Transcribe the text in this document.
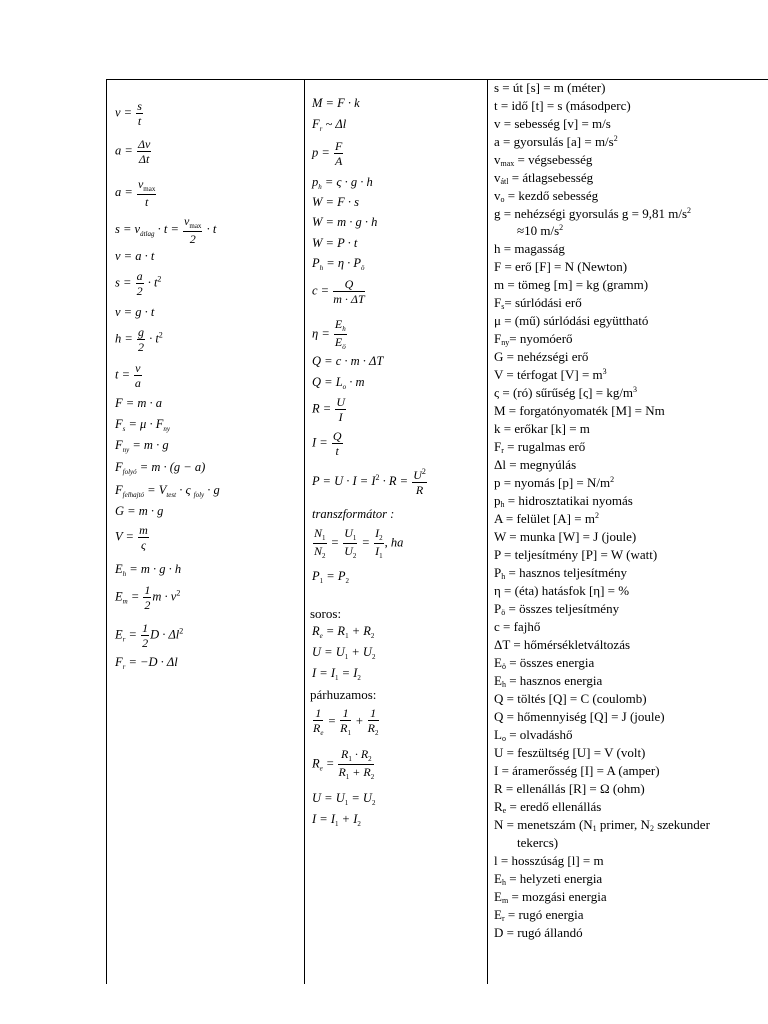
$v = \frac{s}{t}$
$a = \frac{\Delta v}{\Delta t}$
a =
$v_{max}$
t
$s = v_{átlag} \cdot t$ =
$v_{max}$
2
· t
v = a · t
$s = \frac{a}{2} \cdot t^2$
v = g · t
$h = \frac{g}{2} \cdot t^2$
$t = \frac{v}{a}$
F = m · a
$F_s = \mu \cdot F_{ny}$
$F_{ny} = m \cdot g$
$F_{folyó} = m \cdot (g - a)$
$F_{felhajtó} = V_{test} \cdot \varsigma$ $_{foly}$ · g
G = m · g
$V = \frac{m}{\varsigma}$
$E_h = m \cdot g \cdot h$
$E_m = \frac{1}{2}$ $m \cdot v^2$
$E_r = \frac{1}{2}$ $D \cdot \Delta l^2$
$F_r = -D \cdot \Delta l$
M = F · k
$F_r$ ~ Δl
$p = \frac{F}{A}$
$p_h = \varsigma \cdot g \cdot h$
W = F · s
W = m · g · h
W = P · t
$P_h = \eta \cdot P_ö$
$c = \frac{Q}{m \cdot \Delta T}$
$\eta = \frac{E_h}{E_ö}$
Q = c · m · ΔT
$Q = L_o \cdot m$
$R = \frac{U}{I}$
$I = \frac{Q}{t}$
$P = U \cdot I = I^2 \cdot R = \frac{U^2}{R}$
transzformátor :
$\frac{N_1}{N_2} = \frac{U_1}{U_2} = \frac{I_2}{I_1}$ , ha
$P_1 = P_2$
soros:
$R_e = R_1 + R_2$
$U = U_1 + U_2$
$I = I_1 = I_2$
párhuzamos:
$\frac{1}{R_e} = \frac{1}{R_1} + \frac{1}{R_2}$
$R_e = \frac{R_1 \cdot R_2}{R_1 + R_2}$
$U = U_1 = U_2$
$I = I_1 + I_2$
s = út [s] = m (méter)
t = idő [t] = s (másodperc)
v = sebesség [v] = m/s
a = gyorsulás $[a] = m/s^2$
vmax = végsebesség
vátl = átlagsebesség
vo = kezdő sebesség
g = nehézségi gyorsulás g = 9,81 $m/s^2$
≈10 $m/s^2$
h = magasság
F = erő [F] = N (Newton)
m = tömeg [m] = kg (gramm)
Fs= súrlódási erő
μ = (mű) súrlódási együttható
Fny= nyomóerő
G = nehézségi erő
V = térfogat $[V] = m^3$
ς = (ró) sűrűség $[\varsigma] = kg/m^3$
M = forgatónyomaték [M] = Nm
k = erőkar [k] = m
Fr = rugalmas erő
Δl = megnyúlás
p = nyomás $[p] = N/m^2$
ph = hidrosztatikai nyomás
A = felület $[A] = m^2$
W = munka [W] = J (joule)
P = teljesítmény [P] = W (watt)
Ph = hasznos teljesítmény
η = (éta) hatásfok [η] = %
Pö = összes teljesítmény
c = fajhő
ΔT = hőmérsékletváltozás
Eö = összes energia
Eh = hasznos energia
Q = töltés [Q] = C (coulomb)
Q = hőmennyiség [Q] = J (joule)
Lo = olvadáshő
U = feszültség [U] = V (volt)
I = áramerősség [I] = A (amper)
R = ellenállás [R] = Ω (ohm)
Re = eredő ellenállás
N = menetszám (N1 primer, N2 szekunder
tekercs)
l = hosszúság [l] = m
Eh = helyzeti energia
Em = mozgási energia
Er = rugó energia
D = rugó állandó
